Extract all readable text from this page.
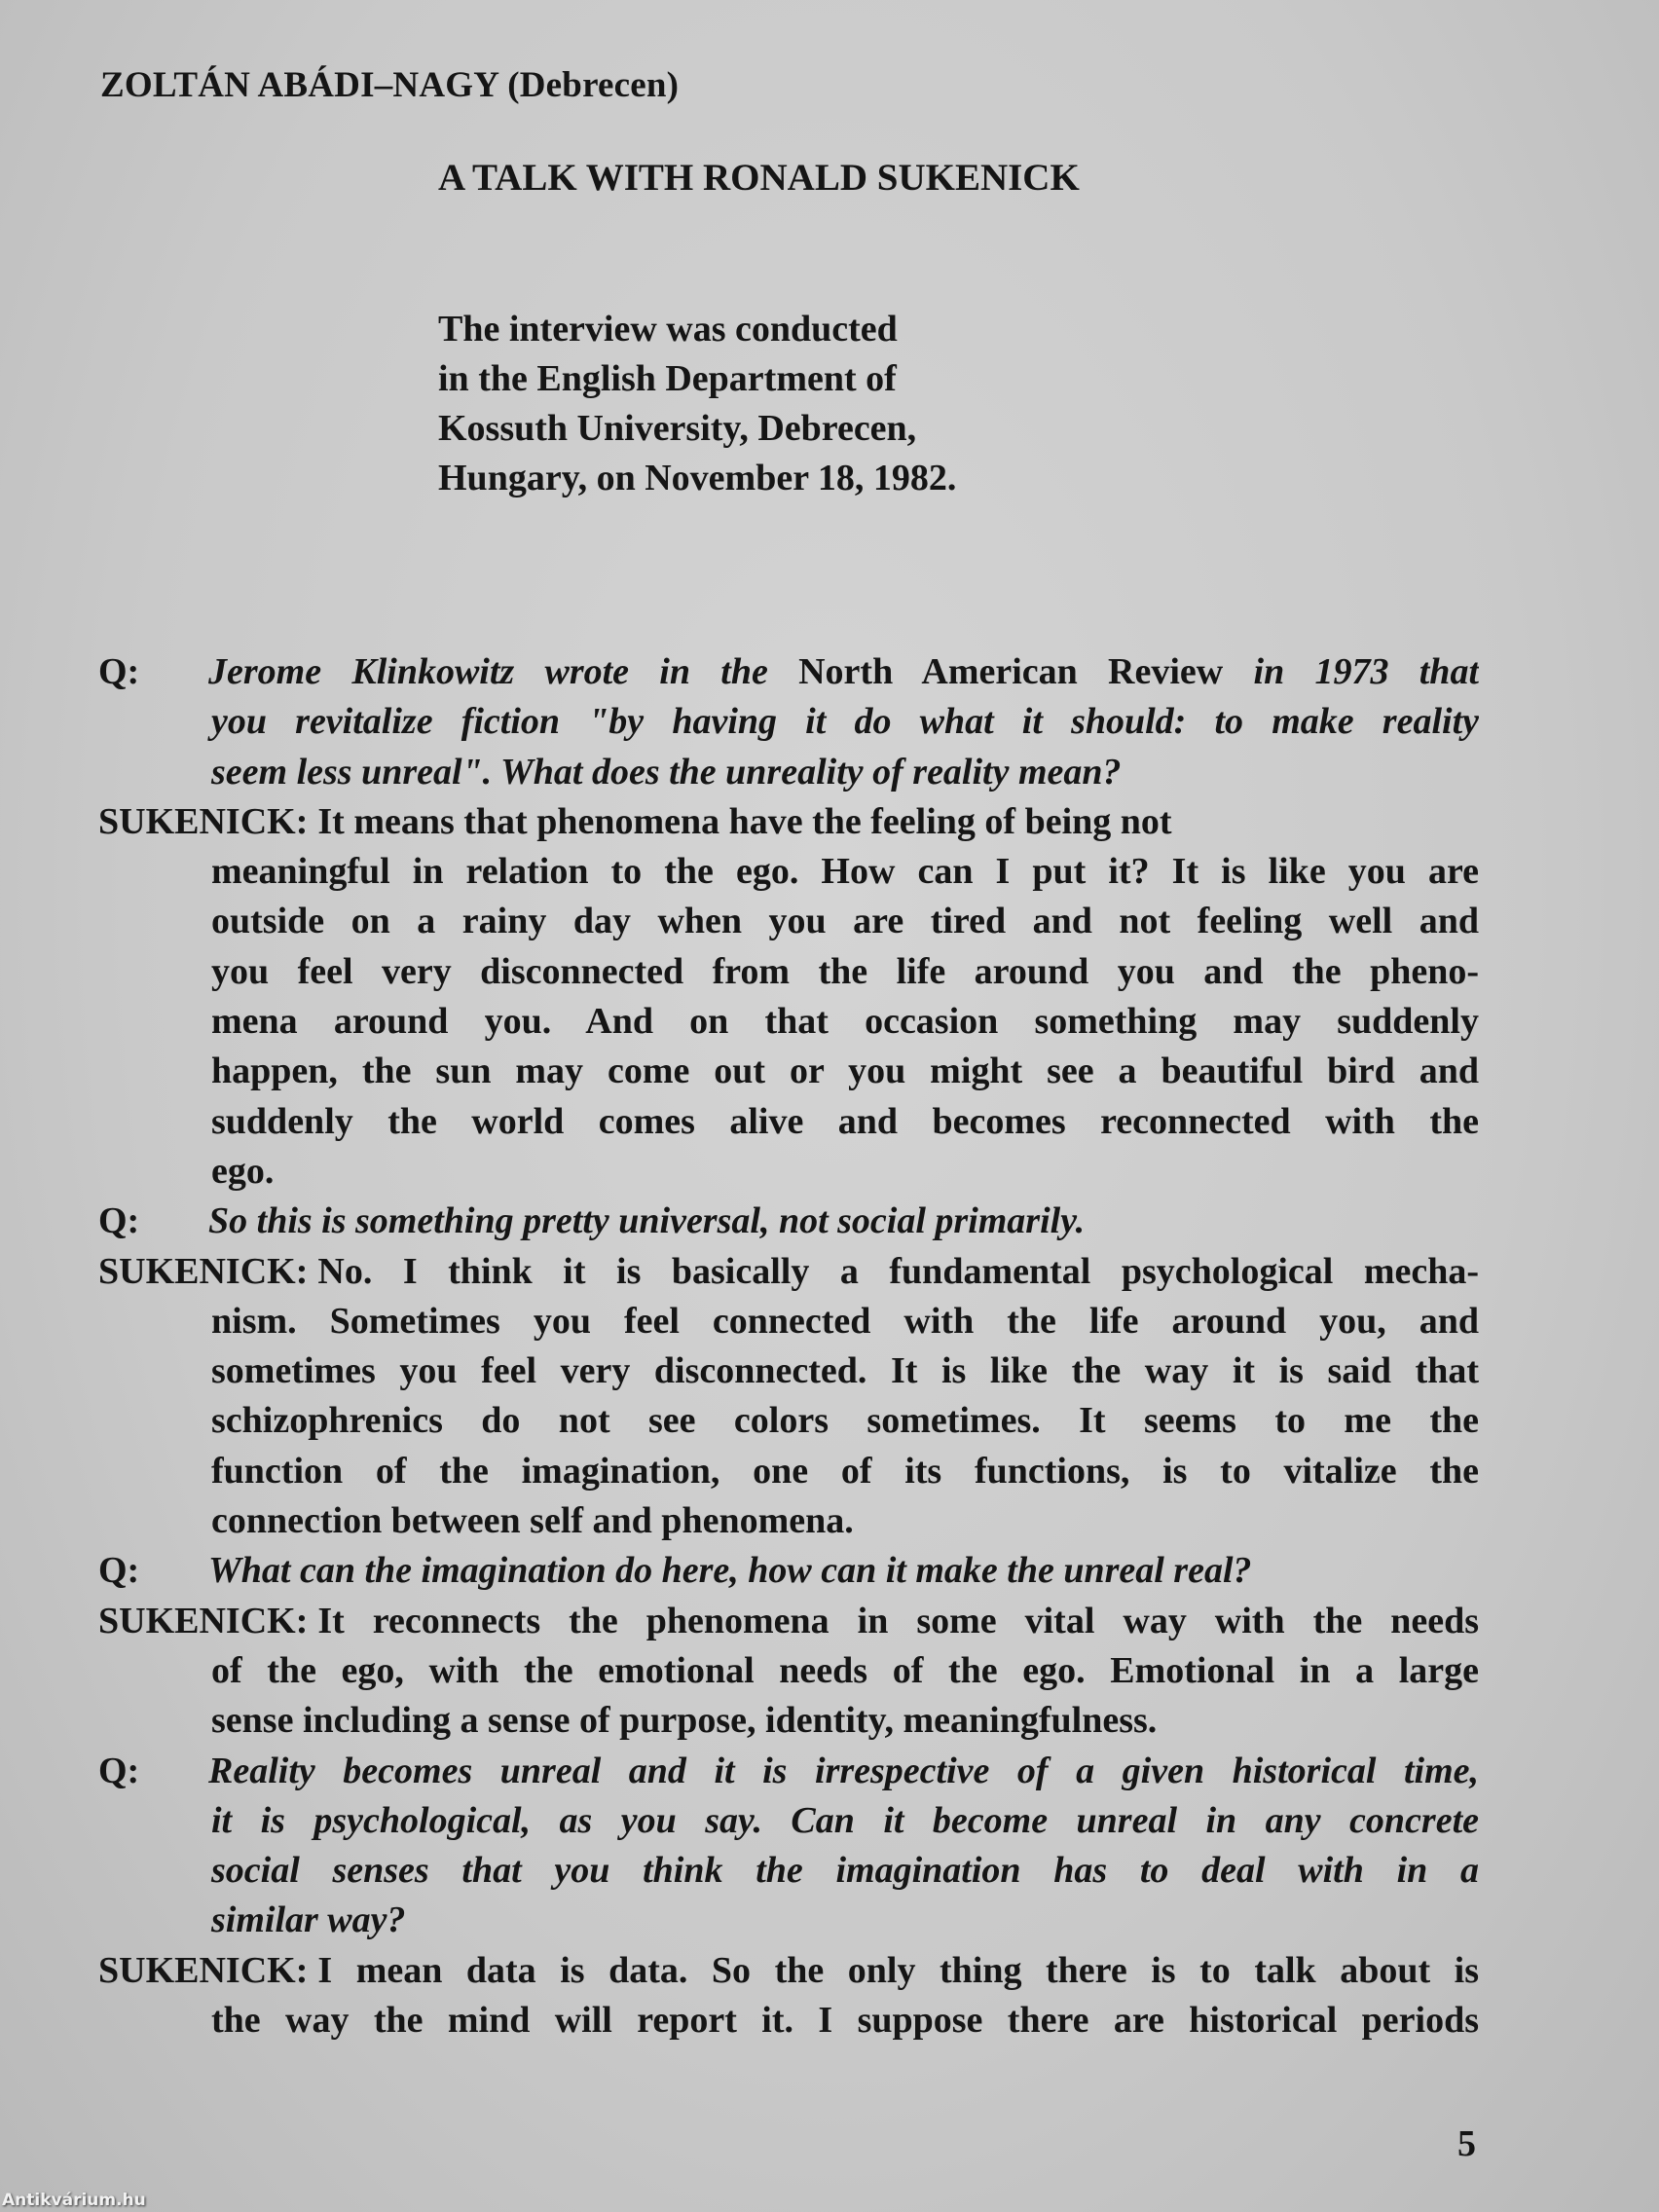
ZOLTÁN ABÁDI–NAGY (Debrecen)
A TALK WITH RONALD SUKENICK
The interview was conducted
in the English Department of
Kossuth University, Debrecen,
Hungary, on November 18, 1982.
Q: Jerome Klinkowitz wrote in the North American Review in 1973 that
you revitalize fiction "by having it do what it should: to make reality
seem less unreal". What does the unreality of reality mean?
SUKENICK: It means that phenomena have the feeling of being not
meaningful in relation to the ego. How can I put it? It is like you are
outside on a rainy day when you are tired and not feeling well and
you feel very disconnected from the life around you and the pheno-
mena around you. And on that occasion something may suddenly
happen, the sun may come out or you might see a beautiful bird and
suddenly the world comes alive and becomes reconnected with the
ego.
Q: So this is something pretty universal, not social primarily.
SUKENICK: No. I think it is basically a fundamental psychological mecha-
nism. Sometimes you feel connected with the life around you, and
sometimes you feel very disconnected. It is like the way it is said that
schizophrenics do not see colors sometimes. It seems to me the
function of the imagination, one of its functions, is to vitalize the
connection between self and phenomena.
Q: What can the imagination do here, how can it make the unreal real?
SUKENICK: It reconnects the phenomena in some vital way with the needs
of the ego, with the emotional needs of the ego. Emotional in a large
sense including a sense of purpose, identity, meaningfulness.
Q: Reality becomes unreal and it is irrespective of a given historical time,
it is psychological, as you say. Can it become unreal in any concrete
social senses that you think the imagination has to deal with in a
similar way?
SUKENICK: I mean data is data. So the only thing there is to talk about is
the way the mind will report it. I suppose there are historical periods
5
Antikvárium.hu
